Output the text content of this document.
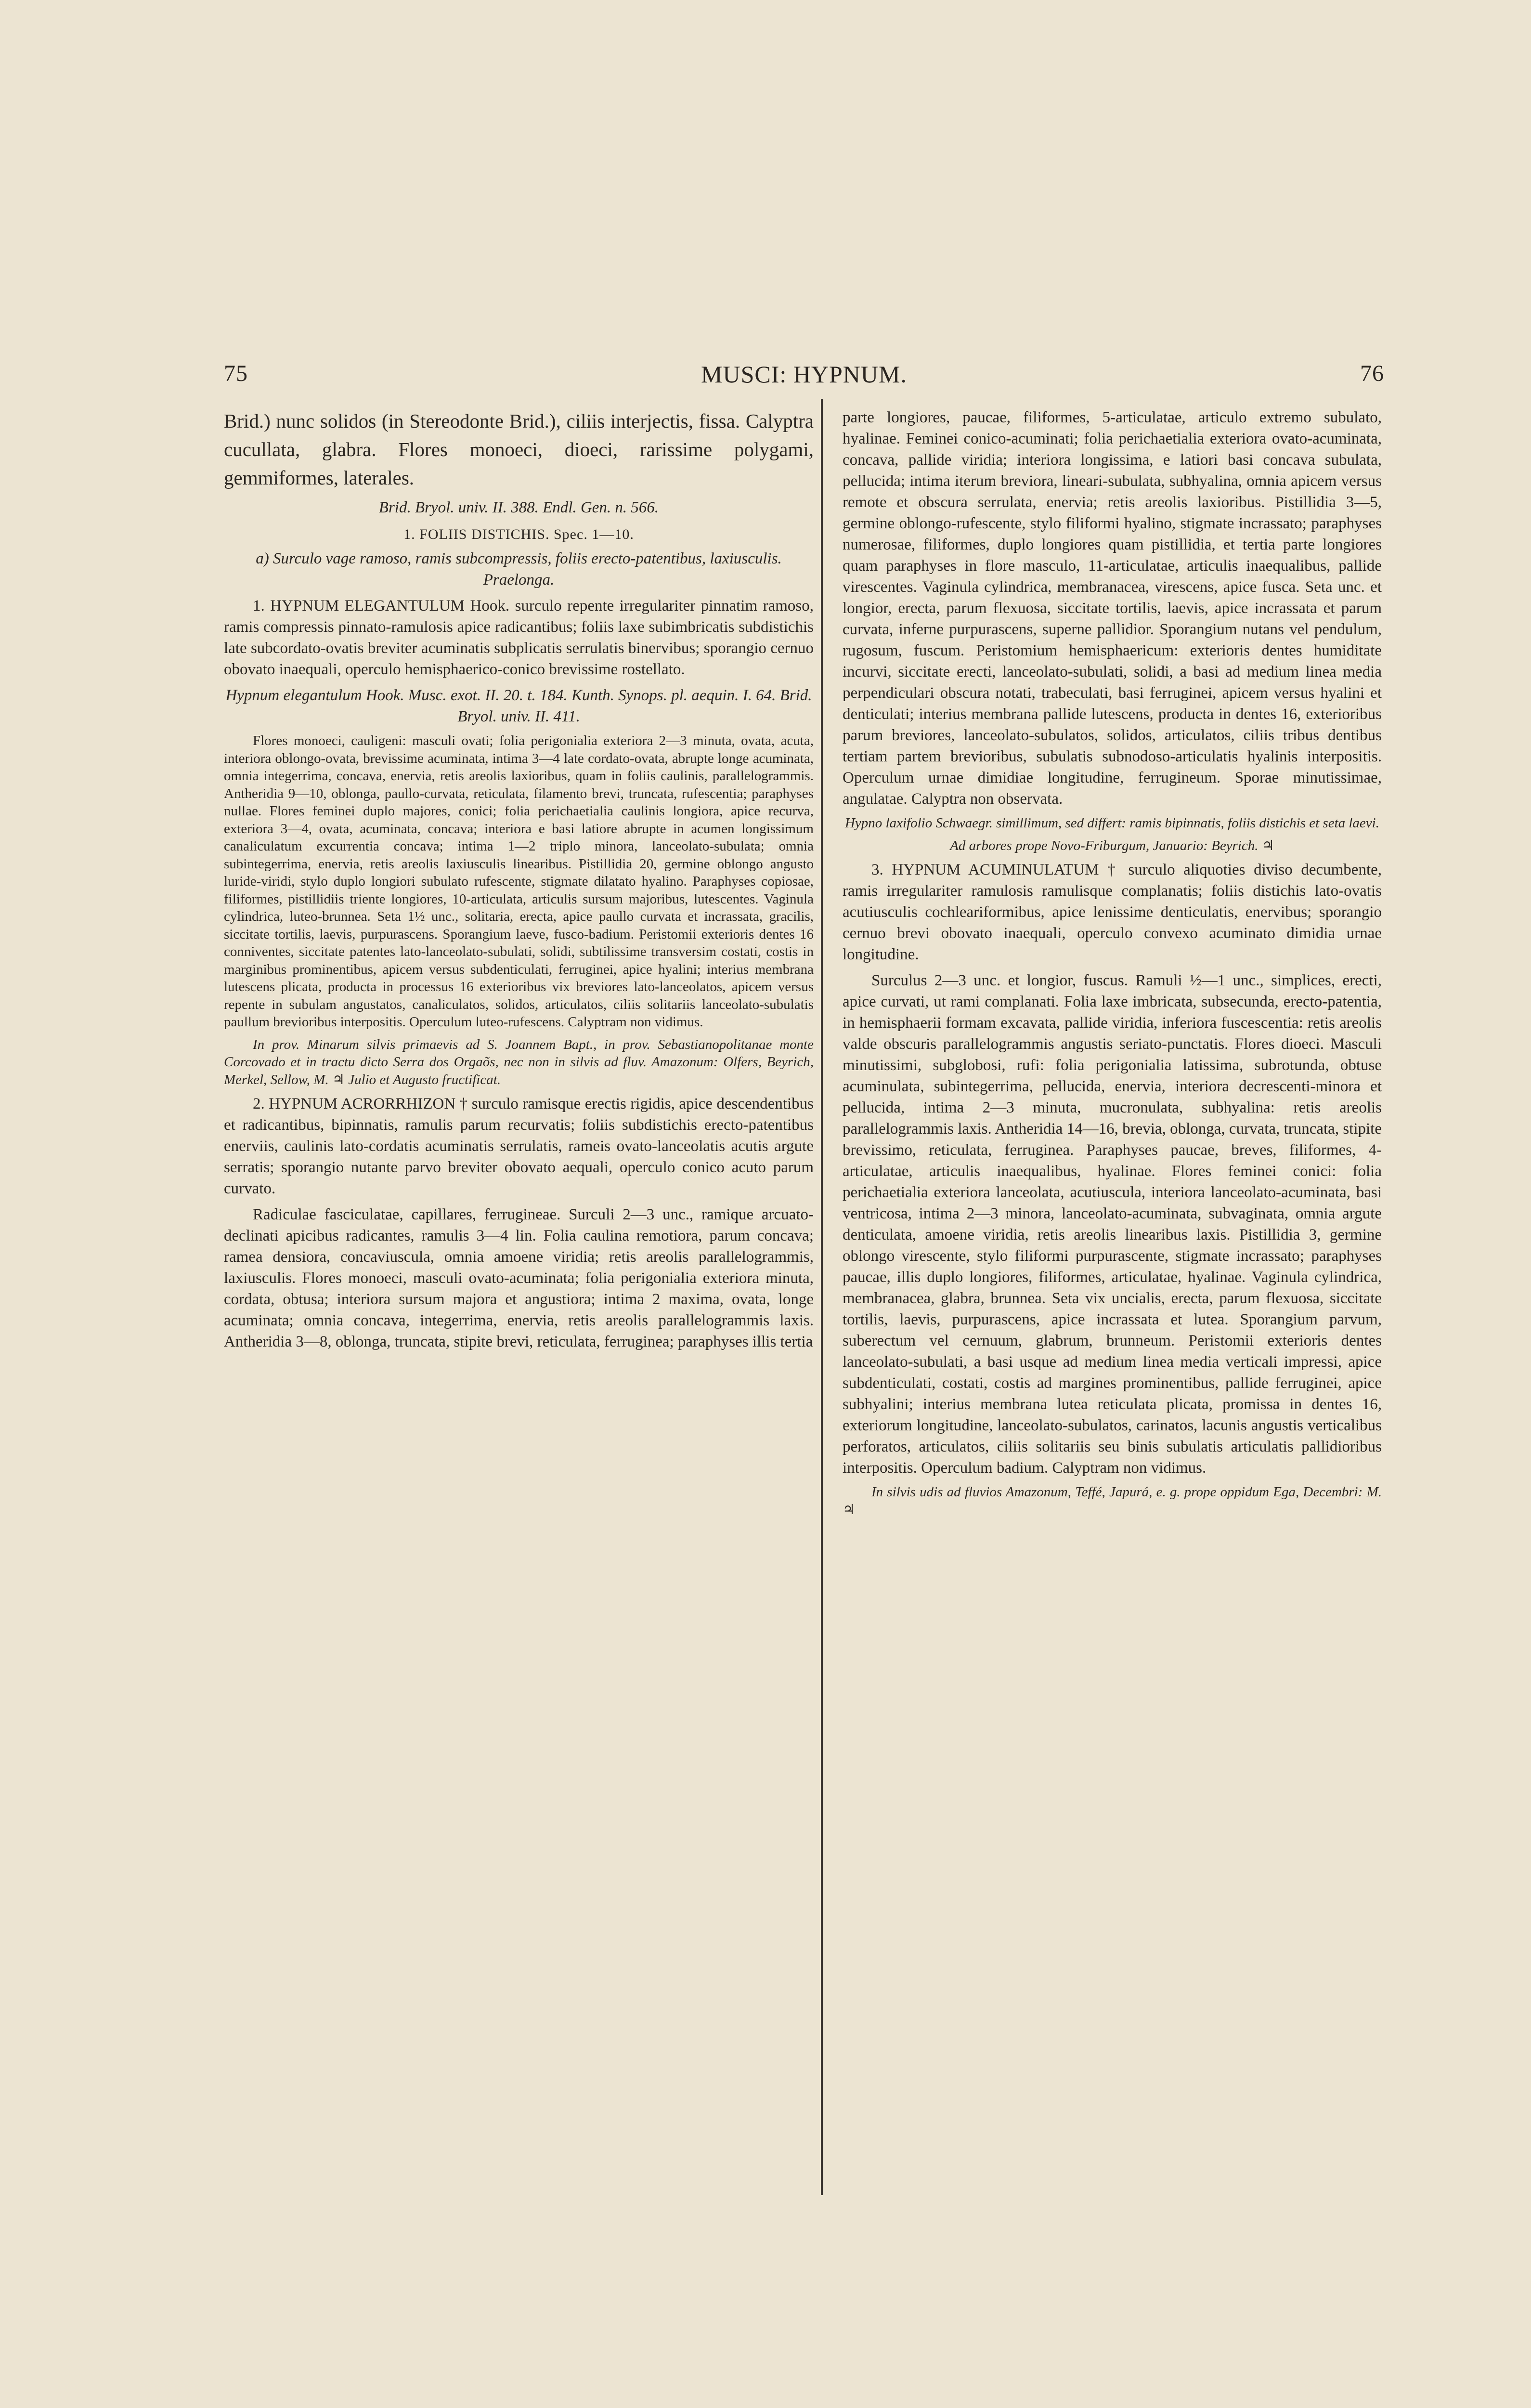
75	MUSCI: HYPNUM.	76

Brid.) nunc solidos (in Stereodonte Brid.), ciliis interjectis, fissa. Calyptra cucullata, glabra. Flores monoeci, dioeci, rarissime polygami, gemmiformes, laterales.

Brid. Bryol. univ. II. 388. Endl. Gen. n. 566.

1. FOLIIS DISTICHIS. Spec. 1—10.

a) Surculo vage ramoso, ramis subcompressis, foliis erecto-patentibus, laxiusculis. Praelonga.

1. HYPNUM ELEGANTULUM Hook. surculo repente irregulariter pinnatim ramoso, ramis compressis pinnato-ramulosis apice radicantibus; foliis laxe subimbricatis subdistichis late subcordato-ovatis breviter acuminatis subplicatis serrulatis binervibus; sporangio cernuo obovato inaequali, operculo hemisphaerico-conico brevissime rostellato.

Hypnum elegantulum Hook. Musc. exot. II. 20. t. 184. Kunth. Synops. pl. aequin. I. 64. Brid. Bryol. univ. II. 411.

Flores monoeci, cauligeni: masculi ovati; folia perigonialia exteriora 2—3 minuta, ovata, acuta, interiora oblongo-ovata, brevissime acuminata, intima 3—4 late cordato-ovata, abrupte longe acuminata, omnia integerrima, concava, enervia, retis areolis laxioribus, quam in foliis caulinis, parallelogrammis. Antheridia 9—10, oblonga, paullo-curvata, reticulata, filamento brevi, truncata, rufescentia; paraphyses nullae. Flores feminei duplo majores, conici; folia perichaetialia caulinis longiora, apice recurva, exteriora 3—4, ovata, acuminata, concava; interiora e basi latiore abrupte in acumen longissimum canaliculatum excurrentia concava; intima 1—2 triplo minora, lanceolato-subulata; omnia subintegerrima, enervia, retis areolis laxiusculis linearibus. Pistillidia 20, germine oblongo angusto luride-viridi, stylo duplo longiori subulato rufescente, stigmate dilatato hyalino. Paraphyses copiosae, filiformes, pistillidiis triente longiores, 10-articulata, articulis sursum majoribus, lutescentes. Vaginula cylindrica, luteo-brunnea. Seta 1½ unc., solitaria, erecta, apice paullo curvata et incrassata, gracilis, siccitate tortilis, laevis, purpurascens. Sporangium laeve, fusco-badium. Peristomii exterioris dentes 16 conniventes, siccitate patentes lato-lanceolato-subulati, solidi, subtilissime transversim costati, costis in marginibus prominentibus, apicem versus subdenticulati, ferruginei, apice hyalini; interius membrana lutescens plicata, producta in processus 16 exterioribus vix breviores lato-lanceolatos, apicem versus repente in subulam angustatos, canaliculatos, solidos, articulatos, ciliis solitariis lanceolato-subulatis paullum brevioribus interpositis. Operculum luteo-rufescens. Calyptram non vidimus.

In prov. Minarum silvis primaevis ad S. Joannem Bapt., in prov. Sebastianopolitanae monte Corcovado et in tractu dicto Serra dos Orgaõs, nec non in silvis ad fluv. Amazonum: Olfers, Beyrich, Merkel, Sellow, M. ♃ Julio et Augusto fructificat.

2. HYPNUM ACRORRHIZON † surculo ramisque erectis rigidis, apice descendentibus et radicantibus, bipinnatis, ramulis parum recurvatis; foliis subdistichis erecto-patentibus enerviis, caulinis lato-cordatis acuminatis serrulatis, rameis ovato-lanceolatis acutis argute serratis; sporangio nutante parvo breviter obovato aequali, operculo conico acuto parum curvato.

Radiculae fasciculatae, capillares, ferrugineae. Surculi 2—3 unc., ramique arcuato-declinati apicibus radicantes, ramulis 3—4 lin. Folia caulina remotiora, parum concava; ramea densiora, concaviuscula, omnia amoene viridia; retis areolis parallelogrammis, laxiusculis. Flores monoeci, masculi ovato-acuminata; folia perigonialia exteriora minuta, cordata, obtusa; interiora sursum majora et angustiora; intima 2 maxima, ovata, longe acuminata; omnia concava, integerrima, enervia, retis areolis parallelogrammis laxis. Antheridia 3—8, oblonga, truncata, stipite brevi, reticulata, ferruginea; paraphyses illis tertia

parte longiores, paucae, filiformes, 5-articulatae, articulo extremo subulato, hyalinae. Feminei conico-acuminati; folia perichaetialia exteriora ovato-acuminata, concava, pallide viridia; interiora longissima, e latiori basi concava subulata, pellucida; intima iterum breviora, lineari-subulata, subhyalina, omnia apicem versus remote et obscura serrulata, enervia; retis areolis laxioribus. Pistillidia 3—5, germine oblongo-rufescente, stylo filiformi hyalino, stigmate incrassato; paraphyses numerosae, filiformes, duplo longiores quam pistillidia, et tertia parte longiores quam paraphyses in flore masculo, 11-articulatae, articulis inaequalibus, pallide virescentes. Vaginula cylindrica, membranacea, virescens, apice fusca. Seta unc. et longior, erecta, parum flexuosa, siccitate tortilis, laevis, apice incrassata et parum curvata, inferne purpurascens, superne pallidior. Sporangium nutans vel pendulum, rugosum, fuscum. Peristomium hemisphaericum: exterioris dentes humiditate incurvi, siccitate erecti, lanceolato-subulati, solidi, a basi ad medium linea media perpendiculari obscura notati, trabeculati, basi ferruginei, apicem versus hyalini et denticulati; interius membrana pallide lutescens, producta in dentes 16, exterioribus parum breviores, lanceolato-subulatos, solidos, articulatos, ciliis tribus dentibus tertiam partem brevioribus, subulatis subnodoso-articulatis hyalinis interpositis. Operculum urnae dimidiae longitudine, ferrugineum. Sporae minutissimae, angulatae. Calyptra non observata.

Hypno laxifolio Schwaegr. simillimum, sed differt: ramis bipinnatis, foliis distichis et seta laevi.

Ad arbores prope Novo-Friburgum, Januario: Beyrich. ♃

3. HYPNUM ACUMINULATUM † surculo aliquoties diviso decumbente, ramis irregulariter ramulosis ramulisque complanatis; foliis distichis lato-ovatis acutiusculis cochleariformibus, apice lenissime denticulatis, enervibus; sporangio cernuo brevi obovato inaequali, operculo convexo acuminato dimidia urnae longitudine.

Surculus 2—3 unc. et longior, fuscus. Ramuli ½—1 unc., simplices, erecti, apice curvati, ut rami complanati. Folia laxe imbricata, subsecunda, erecto-patentia, in hemisphaerii formam excavata, pallide viridia, inferiora fuscescentia: retis areolis valde obscuris parallelogrammis angustis seriato-punctatis. Flores dioeci. Masculi minutissimi, subglobosi, rufi: folia perigonialia latissima, subrotunda, obtuse acuminulata, subintegerrima, pellucida, enervia, interiora decrescenti-minora et pellucida, intima 2—3 minuta, mucronulata, subhyalina: retis areolis parallelogrammis laxis. Antheridia 14—16, brevia, oblonga, curvata, truncata, stipite brevissimo, reticulata, ferruginea. Paraphyses paucae, breves, filiformes, 4-articulatae, articulis inaequalibus, hyalinae. Flores feminei conici: folia perichaetialia exteriora lanceolata, acutiuscula, interiora lanceolato-acuminata, basi ventricosa, intima 2—3 minora, lanceolato-acuminata, subvaginata, omnia argute denticulata, amoene viridia, retis areolis linearibus laxis. Pistillidia 3, germine oblongo virescente, stylo filiformi purpurascente, stigmate incrassato; paraphyses paucae, illis duplo longiores, filiformes, articulatae, hyalinae. Vaginula cylindrica, membranacea, glabra, brunnea. Seta vix uncialis, erecta, parum flexuosa, siccitate tortilis, laevis, purpurascens, apice incrassata et lutea. Sporangium parvum, suberectum vel cernuum, glabrum, brunneum. Peristomii exterioris dentes lanceolato-subulati, a basi usque ad medium linea media verticali impressi, apice subdenticulati, costati, costis ad margines prominentibus, pallide ferruginei, apice subhyalini; interius membrana lutea reticulata plicata, promissa in dentes 16, exteriorum longitudine, lanceolato-subulatos, carinatos, lacunis angustis verticalibus perforatos, articulatos, ciliis solitariis seu binis subulatis articulatis pallidioribus interpositis. Operculum badium. Calyptram non vidimus.

In silvis udis ad fluvios Amazonum, Teffé, Japurá, e. g. prope oppidum Ega, Decembri: M. ♃
